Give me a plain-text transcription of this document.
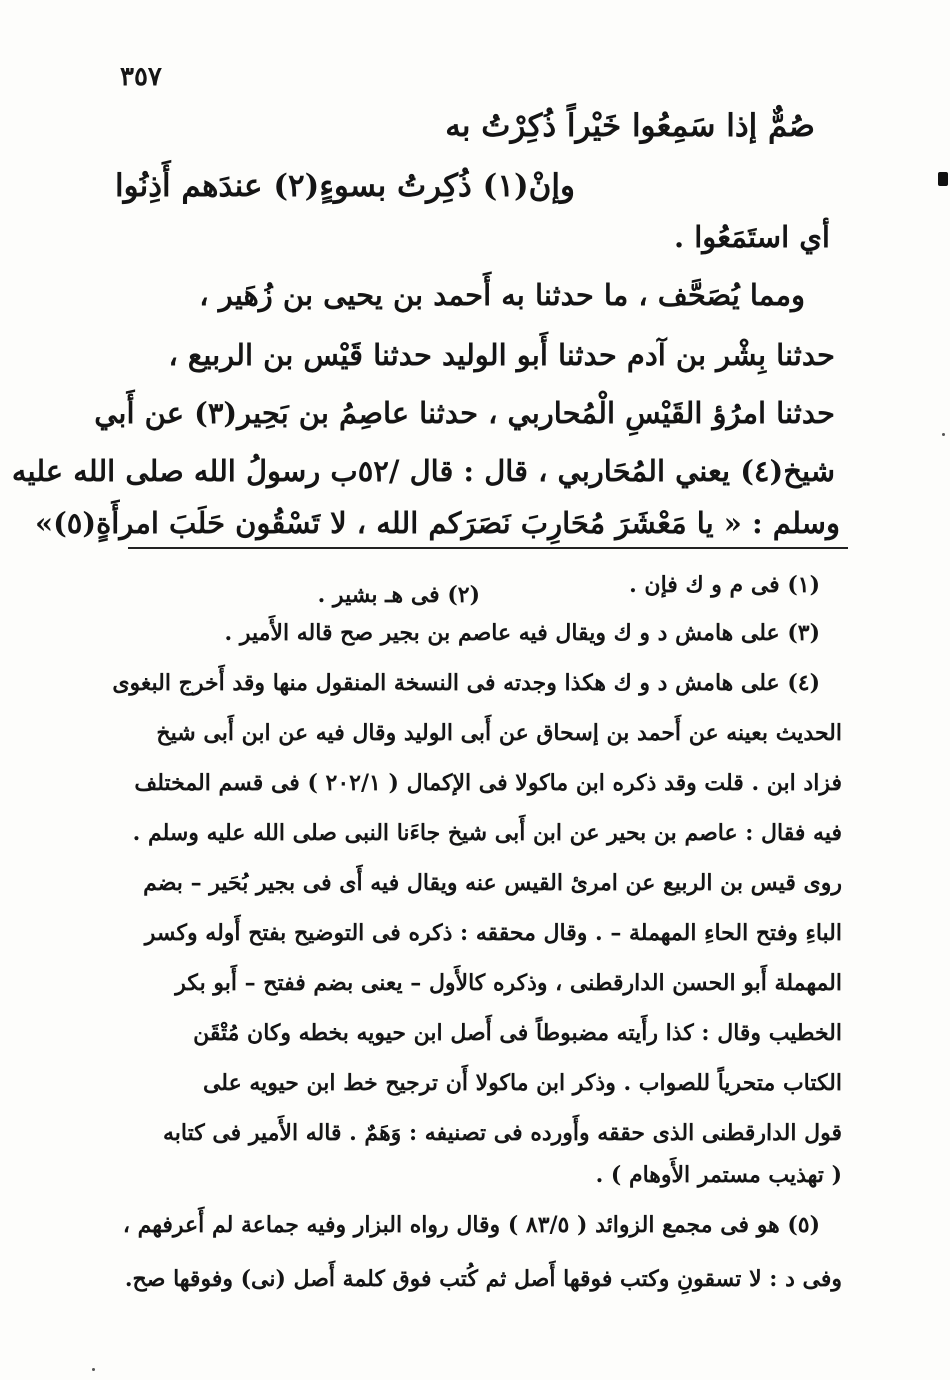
٣٥٧
صُمٌّ إذا سَمِعُوا خَيْراً ذُكِرْتُ به
وإنْ(١) ذُكِرتُ بسوءٍ(٢) عندَهم أَذِنُوا
أي استَمَعُوا .
ومما يُصَحَّف ، ما حدثنا به أَحمد بن يحيى بن زُهَير ،
حدثنا بِشْر بن آدم حدثنا أَبو الوليد حدثنا قَيْس بن الربيع ،
حدثنا امرُؤ القَيْسِ الْمُحاربي ، حدثنا عاصِمُ بن بَحِير(٣) عن أَبي
شيخ(٤) يعني المُحَاربي ، قال : قال /٥٢ب رسولُ الله صلى الله عليه
وسلم : « يا مَعْشَرَ مُحَارِبَ نَصَرَكم الله ، لا تَسْقُون حَلَبَ امرأَةٍ(٥)»
(١) فى م و ك فإن .
(٢) فى هـ بشير .
(٣) على هامش د و ك ويقال فيه عاصم بن بجير صح قاله الأَمير .
(٤) على هامش د و ك هكذا وجدته فى النسخة المنقول منها وقد أَخرج البغوى
الحديث بعينه عن أَحمد بن إسحاق عن أَبى الوليد وقال فيه عن ابن أَبى شيخ
فزاد ابن . قلت وقد ذكره ابن ماكولا فى الإكمال ( ٢٠٢/١ ) فى قسم المختلف
فيه فقال : عاصم بن بحير عن ابن أَبى شيخ جاءَنا النبى صلى الله عليه وسلم .
روى قيس بن الربيع عن امرئ القيس عنه ويقال فيه أَى فى بجير بُحَير – بضم
الباءِ وفتح الحاءِ المهملة – . وقال محققه : ذكره فى التوضيح بفتح أَوله وكسر
المهملة أَبو الحسن الدارقطنى ، وذكره كالأَول – يعنى بضم ففتح – أَبو بكر
الخطيب وقال : كذا رأَيته مضبوطاً فى أَصل ابن حيويه بخطه وكان مُتْقَن
الكتاب متحرياً للصواب . وذكر ابن ماكولا أَن ترجيح خط ابن حيويه على
قول الدارقطنى الذى حققه وأَورده فى تصنيفه : وَهَمٌ . قاله الأَمير فى كتابه
( تهذيب مستمر الأَوهام ) .
(٥) هو فى مجمع الزوائد ( ٨٣/٥ ) وقال رواه البزار وفيه جماعة لم أَعرفهم ،
وفى د : لا تسقونِ وكتب فوقها أَصل ثم كُتب فوق كلمة أَصل (نى) وفوقها صح.
